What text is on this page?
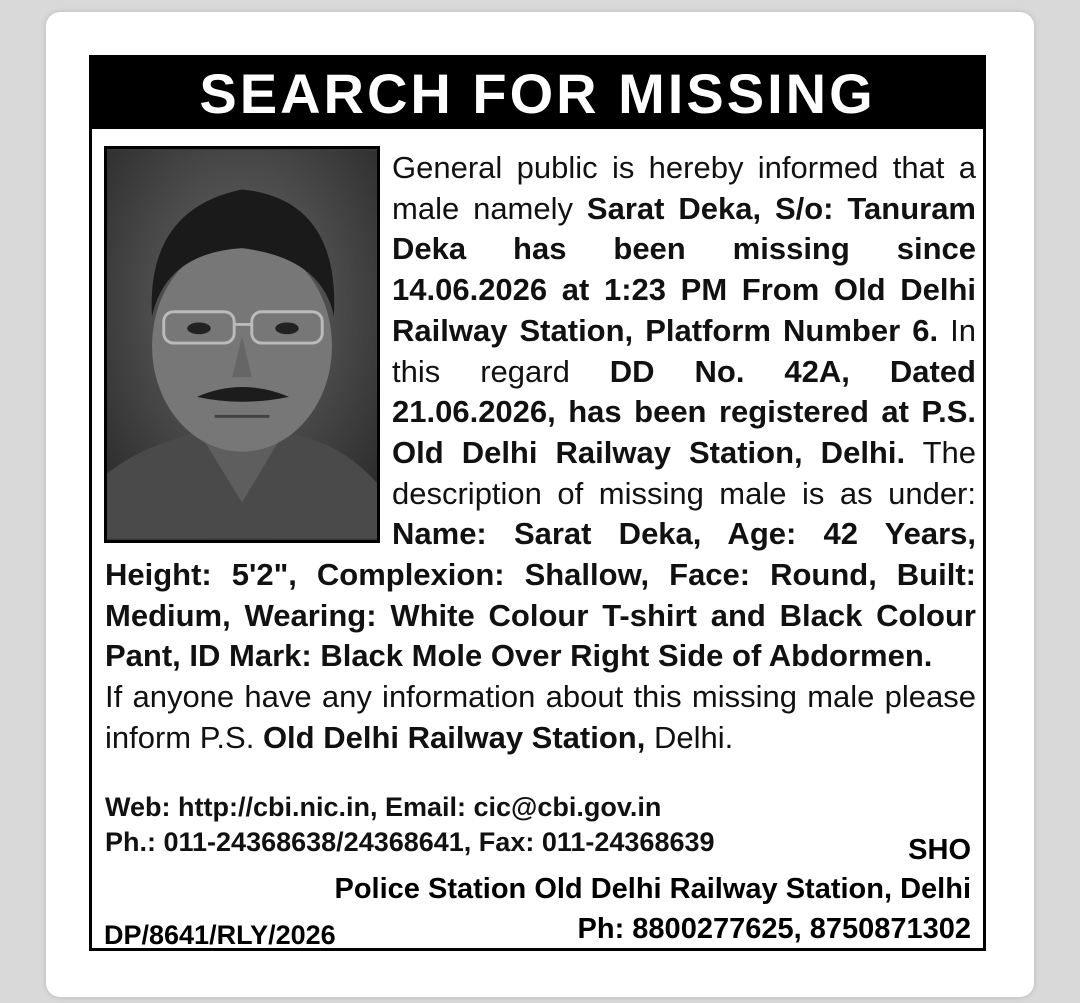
SEARCH FOR MISSING
General public is hereby informed that a male namely Sarat Deka, S/o: Tanuram Deka has been missing since 14.06.2026 at 1:23 PM From Old Delhi Railway Station, Platform Number 6. In this regard DD No. 42A, Dated 21.06.2026, has been registered at P.S. Old Delhi Railway Station, Delhi. The description of missing male is as under: Name: Sarat Deka, Age: 42 Years, Height: 5'2", Complexion: Shallow, Face: Round, Built: Medium, Wearing: White Colour T-shirt and Black Colour Pant, ID Mark: Black Mole Over Right Side of Abdormen.
If anyone have any information about this missing male please inform P.S. Old Delhi Railway Station, Delhi.
Web: http://cbi.nic.in, Email: cic@cbi.gov.in
Ph.: 011-24368638/24368641, Fax: 011-24368639	SHO
Police Station Old Delhi Railway Station, Delhi
Ph: 8800277625, 8750871302
DP/8641/RLY/2026
